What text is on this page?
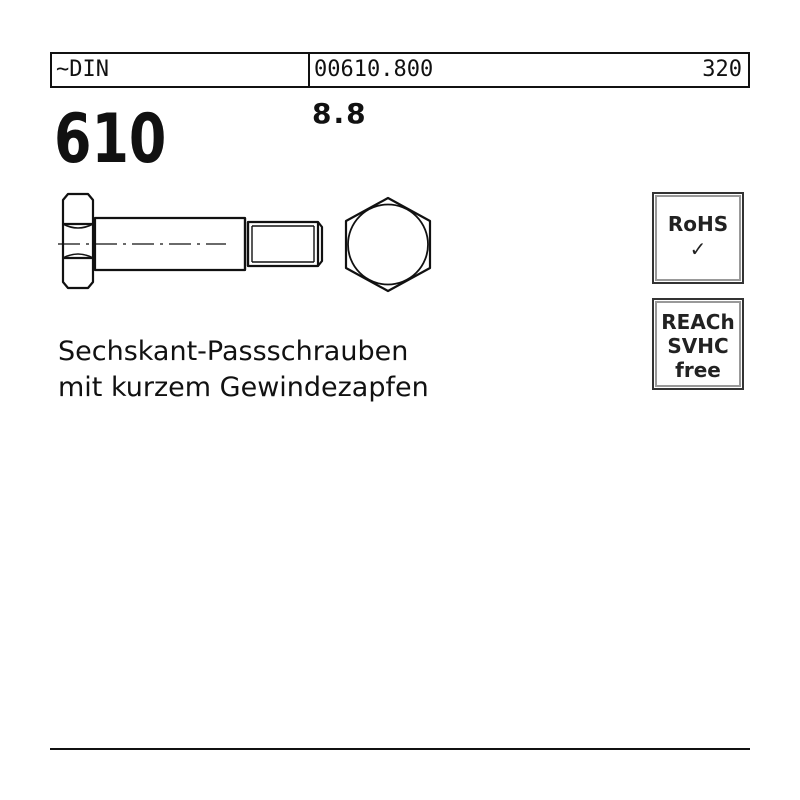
~DIN	00610.800	320
610	8.8
Sechskant-Passschrauben
mit kurzem Gewindezapfen
RoHS
✓
REACh
SVHC
free
